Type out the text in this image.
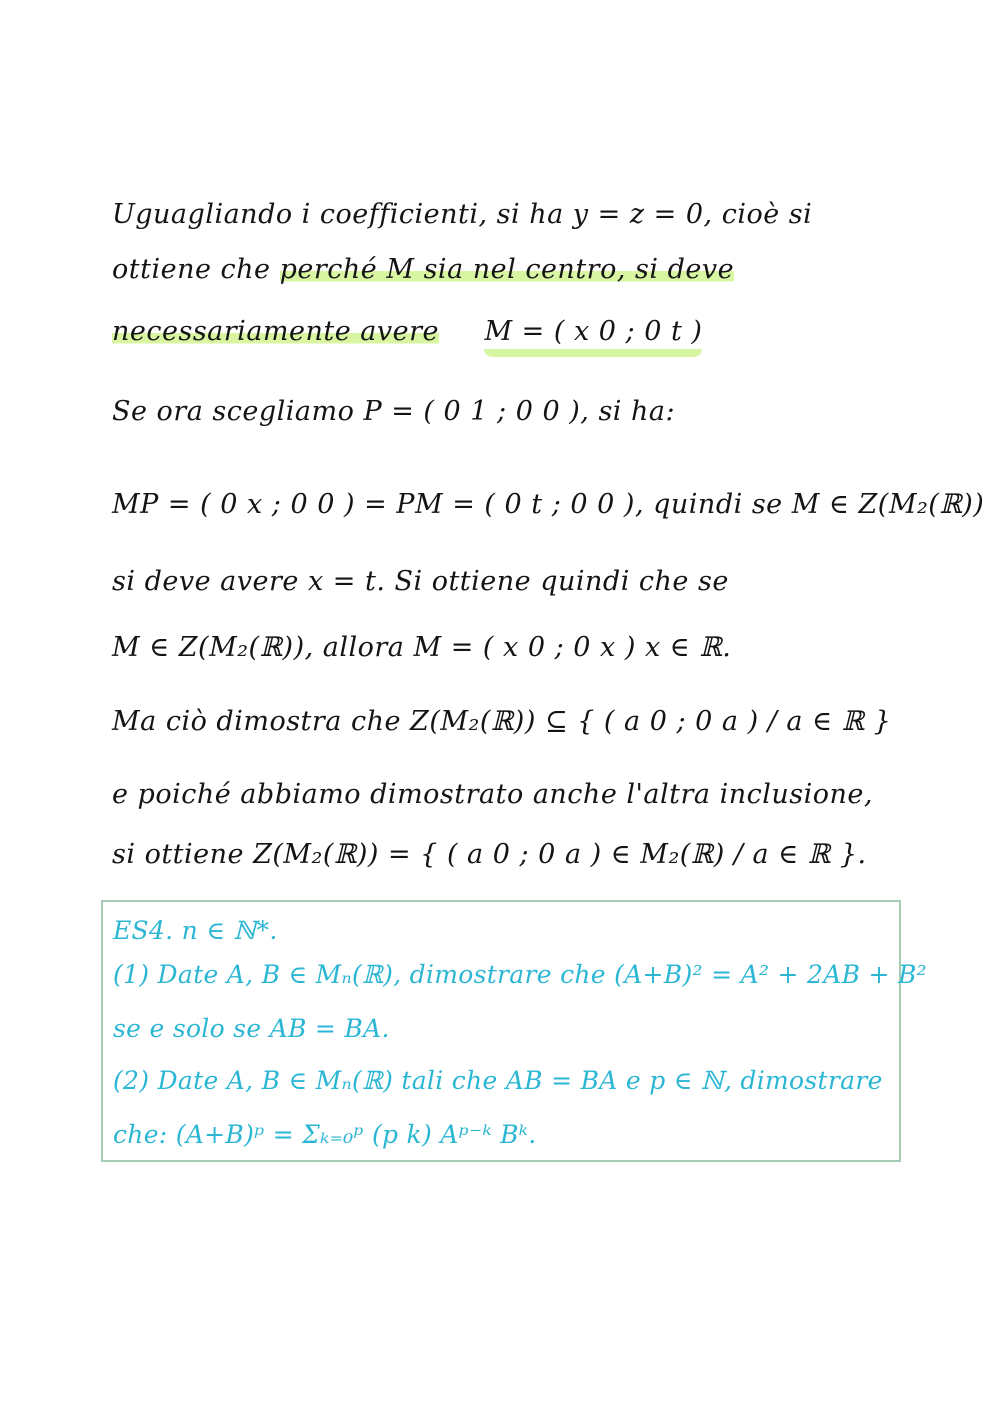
Uguagliando i coefficienti, si ha y = z = 0, cioè si
ottiene che perché M sia nel centro, si deve
necessariamente avere M = ( x 0 ; 0 t )
Se ora scegliamo P = ( 0 1 ; 0 0 ), si ha:
MP = ( 0 x ; 0 0 ) = PM = ( 0 t ; 0 0 ), quindi se M ∈ Z(M₂(ℝ))
si deve avere x = t. Si ottiene quindi che se
M ∈ Z(M₂(ℝ)), allora M = ( x 0 ; 0 x ) x ∈ ℝ.
Ma ciò dimostra che Z(M₂(ℝ)) ⊆ { ( a 0 ; 0 a ) / a ∈ ℝ }
e poiché abbiamo dimostrato anche l'altra inclusione,
si ottiene Z(M₂(ℝ)) = { ( a 0 ; 0 a ) ∈ M₂(ℝ) / a ∈ ℝ }.
ES4. n ∈ ℕ*.
(1) Date A, B ∈ Mₙ(ℝ), dimostrare che (A+B)² = A² + 2AB + B²
se e solo se AB = BA.
(2) Date A, B ∈ Mₙ(ℝ) tali che AB = BA e p ∈ ℕ, dimostrare
che: (A+B)ᵖ = Σₖ₌₀ᵖ (p k) Aᵖ⁻ᵏ Bᵏ.
